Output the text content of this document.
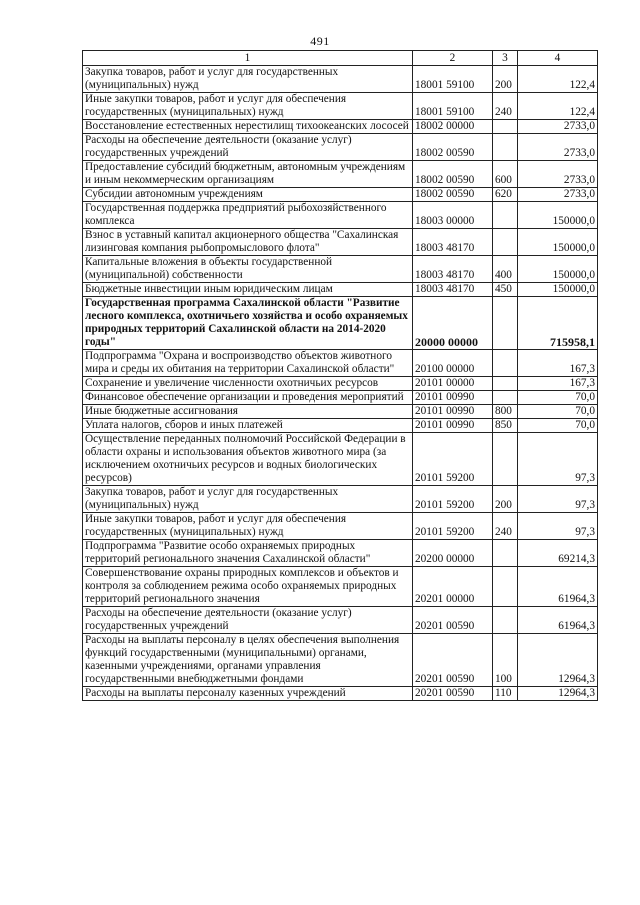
491
1	2	3	4
Закупка товаров, работ и услуг для государственных (муниципальных) нужд	18001 59100	200	122,4
Иные закупки товаров, работ и услуг для обеспечения государственных (муниципальных) нужд	18001 59100	240	122,4
Восстановление естественных нерестилищ тихоокеанских лососей	18002 00000		2733,0
Расходы на обеспечение деятельности (оказание услуг) государственных учреждений	18002 00590		2733,0
Предоставление субсидий бюджетным, автономным учреждениям и иным некоммерческим организациям	18002 00590	600	2733,0
Субсидии автономным учреждениям	18002 00590	620	2733,0
Государственная поддержка предприятий рыбохозяйственного комплекса	18003 00000		150000,0
Взнос в уставный капитал акционерного общества "Сахалинская лизинговая компания рыбопромыслового флота"	18003 48170		150000,0
Капитальные вложения в объекты государственной (муниципальной) собственности	18003 48170	400	150000,0
Бюджетные инвестиции иным юридическим лицам	18003 48170	450	150000,0
Государственная программа Сахалинской области "Развитие лесного комплекса, охотничьего хозяйства и особо охраняемых природных территорий Сахалинской области на 2014-2020 годы"	20000 00000		715958,1
Подпрограмма "Охрана и воспроизводство объектов животного мира и среды их обитания на территории Сахалинской области"	20100 00000		167,3
Сохранение и увеличение численности охотничьих ресурсов	20101 00000		167,3
Финансовое обеспечение организации и проведения мероприятий	20101 00990		70,0
Иные бюджетные ассигнования	20101 00990	800	70,0
Уплата налогов, сборов и иных платежей	20101 00990	850	70,0
Осуществление переданных полномочий Российской Федерации в области охраны и использования объектов животного мира (за исключением охотничьих ресурсов и водных биологических ресурсов)	20101 59200		97,3
Закупка товаров, работ и услуг для государственных (муниципальных) нужд	20101 59200	200	97,3
Иные закупки товаров, работ и услуг для обеспечения государственных (муниципальных) нужд	20101 59200	240	97,3
Подпрограмма "Развитие особо охраняемых природных территорий регионального значения Сахалинской области"	20200 00000		69214,3
Совершенствование охраны природных комплексов и объектов и контроля за соблюдением режима особо охраняемых природных территорий регионального значения	20201 00000		61964,3
Расходы на обеспечение деятельности (оказание услуг) государственных учреждений	20201 00590		61964,3
Расходы на выплаты персоналу в целях обеспечения выполнения функций государственными (муниципальными) органами, казенными учреждениями, органами управления государственными внебюджетными фондами	20201 00590	100	12964,3
Расходы на выплаты персоналу казенных учреждений	20201 00590	110	12964,3
